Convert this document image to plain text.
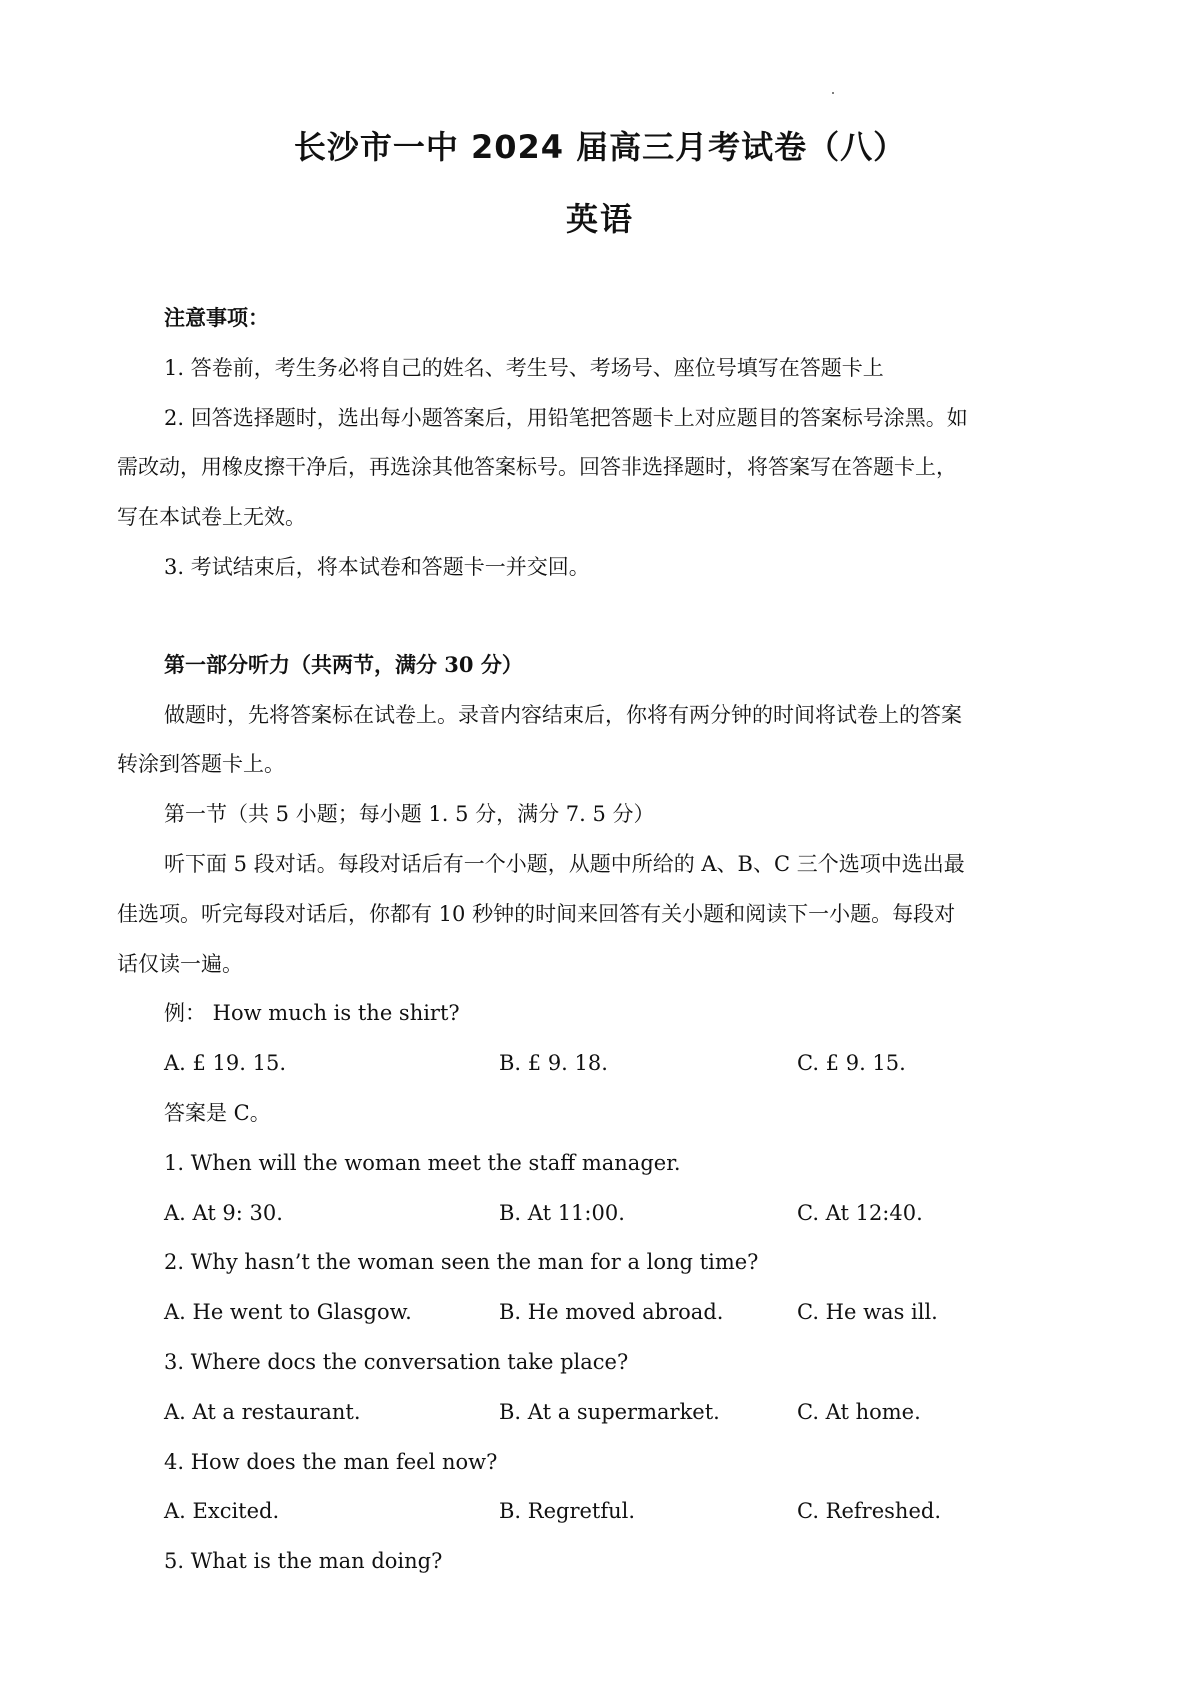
长沙市一中 2024 届高三月考试卷（八）
英语
注意事项：
1. 答卷前，考生务必将自己的姓名、考生号、考场号、座位号填写在答题卡上
2. 回答选择题时，选出每小题答案后，用铅笔把答题卡上对应题目的答案标号涂黑。如
需改动，用橡皮擦干净后，再选涂其他答案标号。回答非选择题时，将答案写在答题卡上，
写在本试卷上无效。
3. 考试结束后，将本试卷和答题卡一并交回。
第一部分听力（共两节，满分 30 分）
做题时，先将答案标在试卷上。录音内容结束后，你将有两分钟的时间将试卷上的答案
转涂到答题卡上。
第一节（共 5 小题；每小题 1. 5 分，满分 7. 5 分）
听下面 5 段对话。每段对话后有一个小题，从题中所给的 A、B、C 三个选项中选出最
佳选项。听完每段对话后，你都有 10 秒钟的时间来回答有关小题和阅读下一小题。每段对
话仅读一遍。
例： How much is the shirt?
A. £ 19. 15.	B. £ 9. 18.	C. £ 9. 15.
答案是 C。
1. When will the woman meet the staff manager.
A. At 9: 30.	B. At 11:00.	C. At 12:40.
2. Why hasn’t the woman seen the man for a long time?
A. He went to Glasgow.	B. He moved abroad.	C. He was ill.
3. Where docs the conversation take place?
A. At a restaurant.	B. At a supermarket.	C. At home.
4. How does the man feel now?
A. Excited.	B. Regretful.	C. Refreshed.
5. What is the man doing?
